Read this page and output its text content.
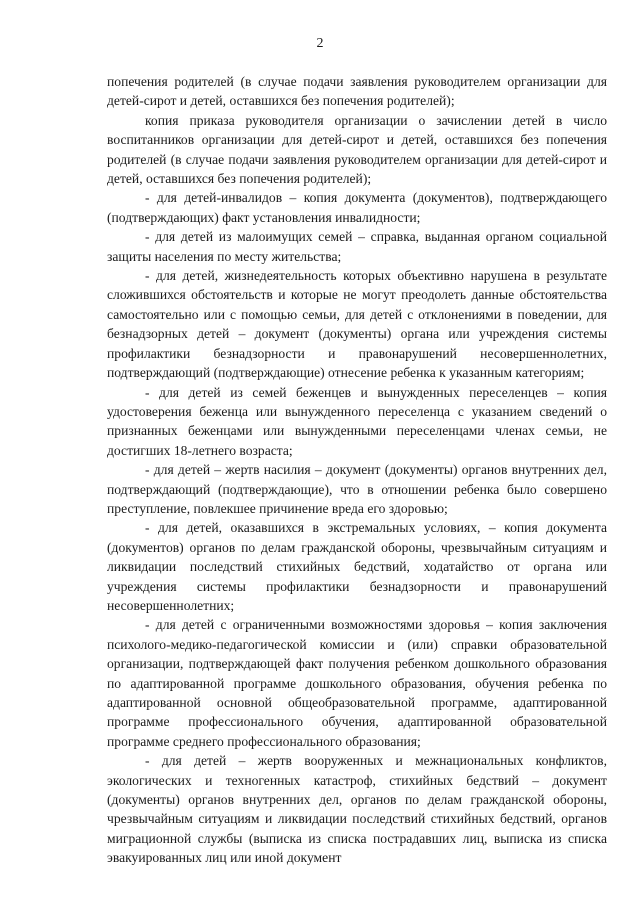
2

попечения родителей (в случае подачи заявления руководителем организации для детей-сирот и детей, оставшихся без попечения родителей);

копия приказа руководителя организации о зачислении детей в число воспитанников организации для детей-сирот и детей, оставшихся без попечения родителей (в случае подачи заявления руководителем организации для детей-сирот и детей, оставшихся без попечения родителей);

- для детей-инвалидов – копия документа (документов), подтверждающего (подтверждающих) факт установления инвалидности;

- для детей из малоимущих семей – справка, выданная органом социальной защиты населения по месту жительства;

- для детей, жизнедеятельность которых объективно нарушена в результате сложившихся обстоятельств и которые не могут преодолеть данные обстоятельства самостоятельно или с помощью семьи, для детей с отклонениями в поведении, для безнадзорных детей – документ (документы) органа или учреждения системы профилактики безнадзорности и правонарушений несовершеннолетних, подтверждающий (подтверждающие) отнесение ребенка к указанным категориям;

- для детей из семей беженцев и вынужденных переселенцев – копия удостоверения беженца или вынужденного переселенца с указанием сведений о признанных беженцами или вынужденными переселенцами членах семьи, не достигших 18-летнего возраста;

- для детей – жертв насилия – документ (документы) органов внутренних дел, подтверждающий (подтверждающие), что в отношении ребенка было совершено преступление, повлекшее причинение вреда его здоровью;

- для детей, оказавшихся в экстремальных условиях, – копия документа (документов) органов по делам гражданской обороны, чрезвычайным ситуациям и ликвидации последствий стихийных бедствий, ходатайство от органа или учреждения системы профилактики безнадзорности и правонарушений несовершеннолетних;

- для детей с ограниченными возможностями здоровья – копия заключения психолого-медико-педагогической комиссии и (или) справки образовательной организации, подтверждающей факт получения ребенком дошкольного образования по адаптированной программе дошкольного образования, обучения ребенка по адаптированной основной общеобразовательной программе, адаптированной программе профессионального обучения, адаптированной образовательной программе среднего профессионального образования;

- для детей – жертв вооруженных и межнациональных конфликтов, экологических и техногенных катастроф, стихийных бедствий – документ (документы) органов внутренних дел, органов по делам гражданской обороны, чрезвычайным ситуациям и ликвидации последствий стихийных бедствий, органов миграционной службы (выписка из списка пострадавших лиц, выписка из списка эвакуированных лиц или иной документ
